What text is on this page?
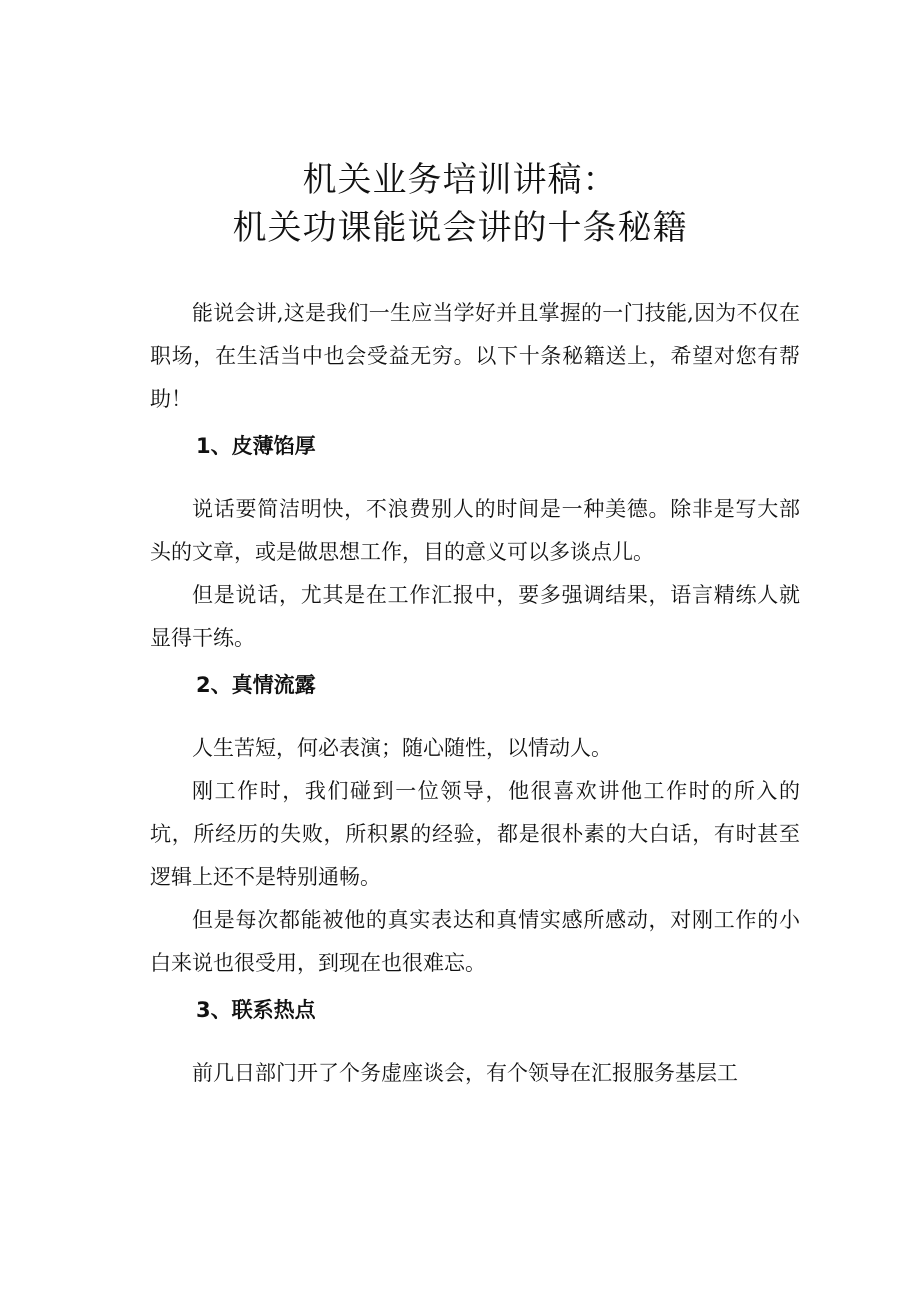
机关业务培训讲稿：
机关功课能说会讲的十条秘籍

能说会讲,这是我们一生应当学好并且掌握的一门技能,因为不仅在职场，在生活当中也会受益无穷。以下十条秘籍送上，希望对您有帮助！

1、皮薄馅厚

说话要简洁明快，不浪费别人的时间是一种美德。除非是写大部头的文章，或是做思想工作，目的意义可以多谈点儿。

但是说话，尤其是在工作汇报中，要多强调结果，语言精练人就显得干练。

2、真情流露

人生苦短，何必表演；随心随性，以情动人。

刚工作时，我们碰到一位领导，他很喜欢讲他工作时的所入的坑，所经历的失败，所积累的经验，都是很朴素的大白话，有时甚至逻辑上还不是特别通畅。

但是每次都能被他的真实表达和真情实感所感动，对刚工作的小白来说也很受用，到现在也很难忘。

3、联系热点

前几日部门开了个务虚座谈会，有个领导在汇报服务基层工
